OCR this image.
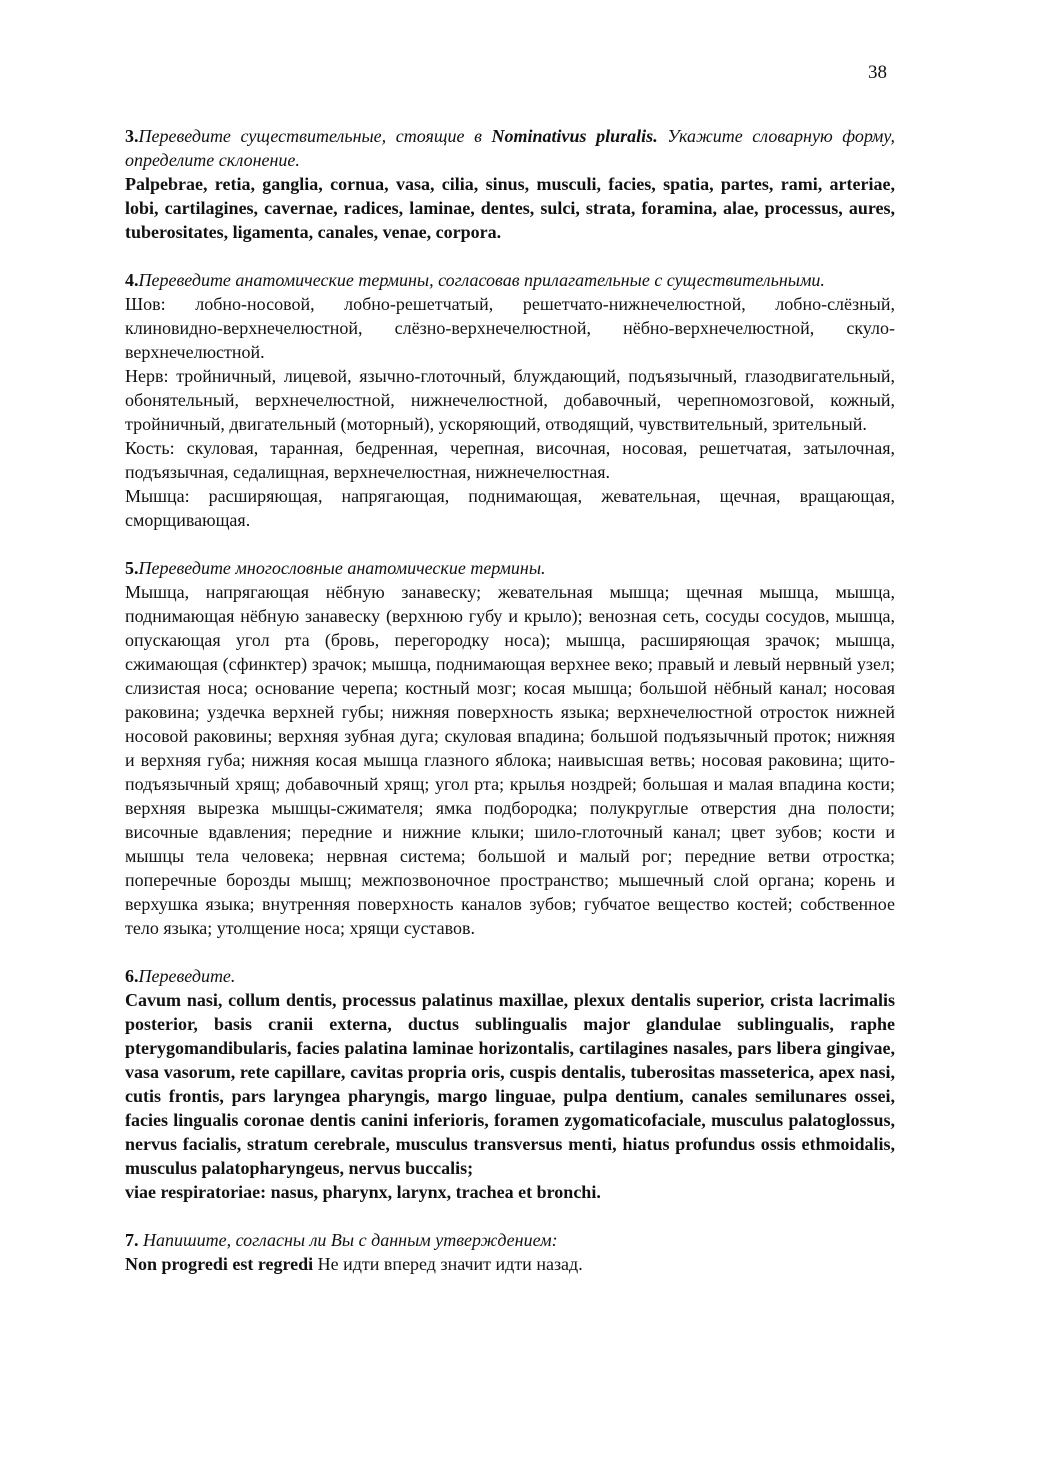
38

3.Переведите существительные, стоящие в Nominativus pluralis. Укажите словарную форму, определите склонение.

Palpebrae, retia, ganglia, cornua, vasa, cilia, sinus, musculi, facies, spatia, partes, rami, arteriae, lobi, cartilagines, cavernae, radices, laminae, dentes, sulci, strata, foramina, alae, processus, aures, tuberositates, ligamenta, canales, venae, corpora.

4.Переведите анатомические термины, согласовав прилагательные с существительными.

Шов: лобно-носовой, лобно-решетчатый, решетчато-нижнечелюстной, лобно-слёзный, клиновидно-верхнечелюстной, слёзно-верхнечелюстной, нёбно-верхнечелюстной, скуло-верхнечелюстной.

Нерв: тройничный, лицевой, язычно-глоточный, блуждающий, подъязычный, глазодвигательный, обонятельный, верхнечелюстной, нижнечелюстной, добавочный, черепномозговой, кожный, тройничный, двигательный (моторный), ускоряющий, отводящий, чувствительный, зрительный.

Кость: скуловая, таранная, бедренная, черепная, височная, носовая, решетчатая, затылочная, подъязычная, седалищная, верхнечелюстная, нижнечелюстная.

Мышца: расширяющая, напрягающая, поднимающая, жевательная, щечная, вращающая, сморщивающая.

5.Переведите многословные анатомические термины.

Мышца, напрягающая нёбную занавеску; жевательная мышца; щечная мышца, мышца, поднимающая нёбную занавеску (верхнюю губу и крыло); венозная сеть, сосуды сосудов, мышца, опускающая угол рта (бровь, перегородку носа); мышца, расширяющая зрачок; мышца, сжимающая (сфинктер) зрачок; мышца, поднимающая верхнее веко; правый и левый нервный узел; слизистая носа; основание черепа; костный мозг; косая мышца; большой нёбный канал; носовая раковина; уздечка верхней губы; нижняя поверхность языка; верхнечелюстной отросток нижней носовой раковины; верхняя зубная дуга; скуловая впадина; большой подъязычный проток; нижняя и верхняя губа; нижняя косая мышца глазного яблока; наивысшая ветвь; носовая раковина; щито-подъязычный хрящ; добавочный хрящ; угол рта; крылья ноздрей; большая и малая впадина кости; верхняя вырезка мышцы-сжимателя; ямка подбородка; полукруглые отверстия дна полости; височные вдавления; передние и нижние клыки; шило-глоточный канал; цвет зубов; кости и мышцы тела человека; нервная система; большой и малый рог; передние ветви отростка; поперечные борозды мышц; межпозвоночное пространство; мышечный слой органа; корень и верхушка языка; внутренняя поверхность каналов зубов; губчатое вещество костей; собственное тело языка; утолщение носа; хрящи суставов.

6.Переведите.

Cavum nasi, collum dentis, processus palatinus maxillae, plexux dentalis superior, crista lacrimalis posterior, basis cranii externa, ductus sublingualis major glandulae sublingualis, raphe pterygomandibularis, facies palatina laminae horizontalis, cartilagines nasales, pars libera gingivae, vasa vasorum, rete capillare, cavitas propria oris, cuspis dentalis, tuberositas masseterica, apex nasi, cutis frontis, pars laryngea pharyngis, margo linguae, pulpa dentium, canales semilunares ossei, facies lingualis coronae dentis canini inferioris, foramen zygomaticofaciale, musculus palatoglossus, nervus facialis, stratum cerebrale, musculus transversus menti, hiatus profundus ossis ethmoidalis, musculus palatopharyngeus, nervus buccalis;

viae respiratoriae: nasus, pharynx, larynx, trachea et bronchi.

7. Напишите, согласны ли Вы с данным утверждением:

Non progredi est regredi Не идти вперед значит идти назад.
